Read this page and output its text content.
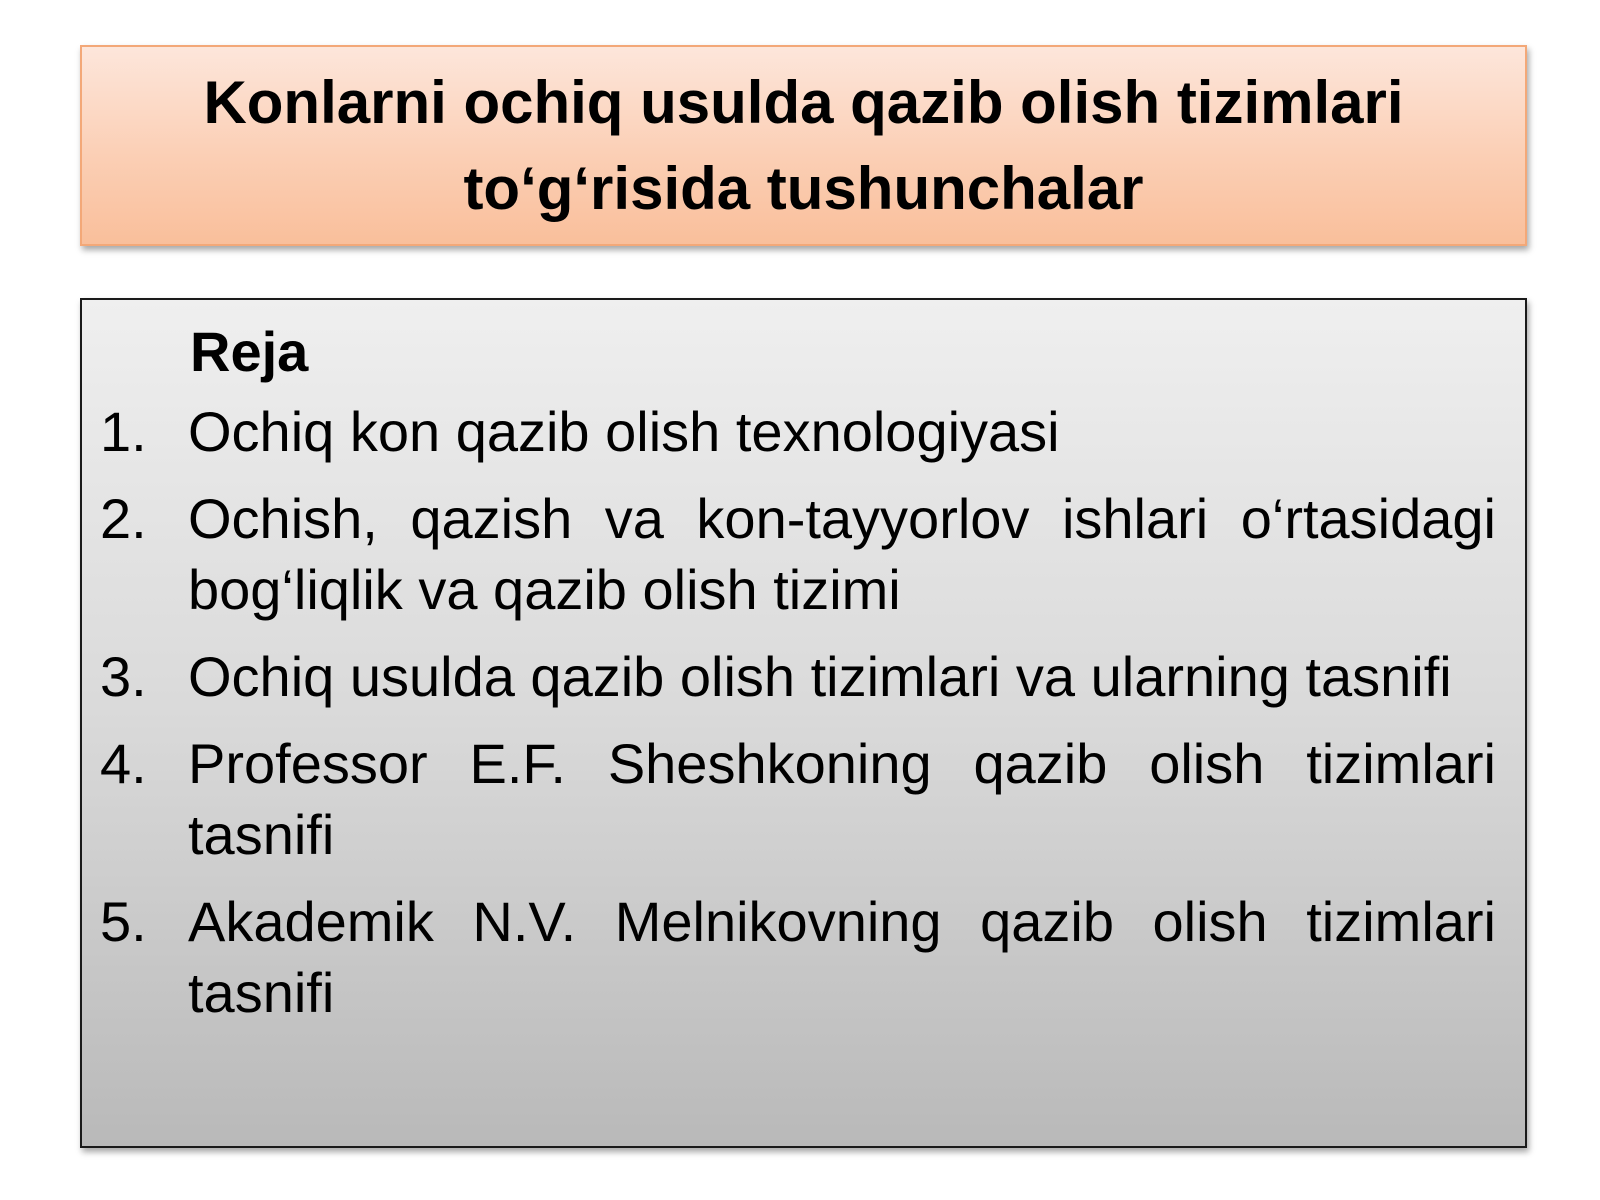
Konlarni ochiq usulda qazib olish tizimlari
to‘g‘risida tushunchalar
Reja
1. Ochiq kon qazib olish texnologiyasi
2. Ochish, qazish va kon-tayyorlov ishlari o‘rtasidagi bog‘liqlik va qazib olish tizimi
3. Ochiq usulda qazib olish tizimlari va ularning tasnifi
4. Professor E.F. Sheshkoning qazib olish tizimlari tasnifi
5. Akademik N.V. Melnikovning qazib olish tizimlari tasnifi
